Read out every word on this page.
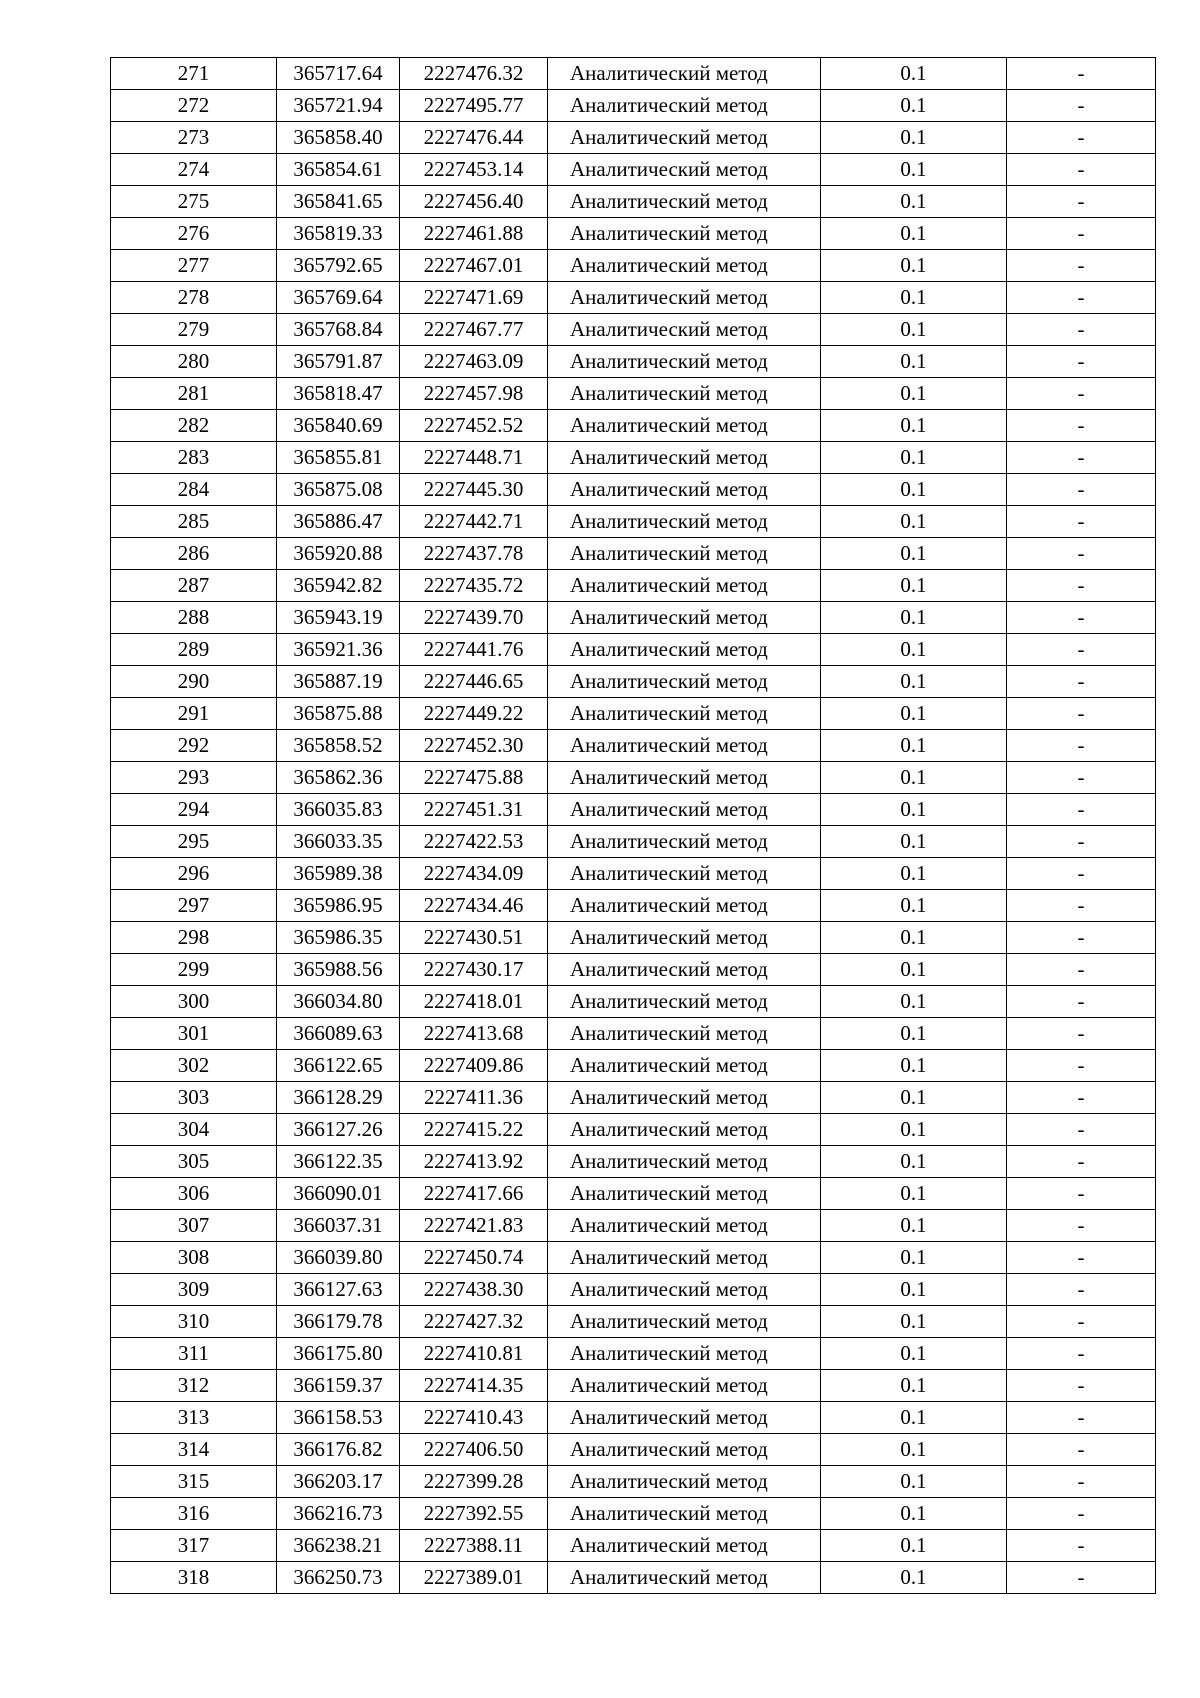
271	365717.64	2227476.32	Аналитический метод	0.1	-
272	365721.94	2227495.77	Аналитический метод	0.1	-
273	365858.40	2227476.44	Аналитический метод	0.1	-
274	365854.61	2227453.14	Аналитический метод	0.1	-
275	365841.65	2227456.40	Аналитический метод	0.1	-
276	365819.33	2227461.88	Аналитический метод	0.1	-
277	365792.65	2227467.01	Аналитический метод	0.1	-
278	365769.64	2227471.69	Аналитический метод	0.1	-
279	365768.84	2227467.77	Аналитический метод	0.1	-
280	365791.87	2227463.09	Аналитический метод	0.1	-
281	365818.47	2227457.98	Аналитический метод	0.1	-
282	365840.69	2227452.52	Аналитический метод	0.1	-
283	365855.81	2227448.71	Аналитический метод	0.1	-
284	365875.08	2227445.30	Аналитический метод	0.1	-
285	365886.47	2227442.71	Аналитический метод	0.1	-
286	365920.88	2227437.78	Аналитический метод	0.1	-
287	365942.82	2227435.72	Аналитический метод	0.1	-
288	365943.19	2227439.70	Аналитический метод	0.1	-
289	365921.36	2227441.76	Аналитический метод	0.1	-
290	365887.19	2227446.65	Аналитический метод	0.1	-
291	365875.88	2227449.22	Аналитический метод	0.1	-
292	365858.52	2227452.30	Аналитический метод	0.1	-
293	365862.36	2227475.88	Аналитический метод	0.1	-
294	366035.83	2227451.31	Аналитический метод	0.1	-
295	366033.35	2227422.53	Аналитический метод	0.1	-
296	365989.38	2227434.09	Аналитический метод	0.1	-
297	365986.95	2227434.46	Аналитический метод	0.1	-
298	365986.35	2227430.51	Аналитический метод	0.1	-
299	365988.56	2227430.17	Аналитический метод	0.1	-
300	366034.80	2227418.01	Аналитический метод	0.1	-
301	366089.63	2227413.68	Аналитический метод	0.1	-
302	366122.65	2227409.86	Аналитический метод	0.1	-
303	366128.29	2227411.36	Аналитический метод	0.1	-
304	366127.26	2227415.22	Аналитический метод	0.1	-
305	366122.35	2227413.92	Аналитический метод	0.1	-
306	366090.01	2227417.66	Аналитический метод	0.1	-
307	366037.31	2227421.83	Аналитический метод	0.1	-
308	366039.80	2227450.74	Аналитический метод	0.1	-
309	366127.63	2227438.30	Аналитический метод	0.1	-
310	366179.78	2227427.32	Аналитический метод	0.1	-
311	366175.80	2227410.81	Аналитический метод	0.1	-
312	366159.37	2227414.35	Аналитический метод	0.1	-
313	366158.53	2227410.43	Аналитический метод	0.1	-
314	366176.82	2227406.50	Аналитический метод	0.1	-
315	366203.17	2227399.28	Аналитический метод	0.1	-
316	366216.73	2227392.55	Аналитический метод	0.1	-
317	366238.21	2227388.11	Аналитический метод	0.1	-
318	366250.73	2227389.01	Аналитический метод	0.1	-
